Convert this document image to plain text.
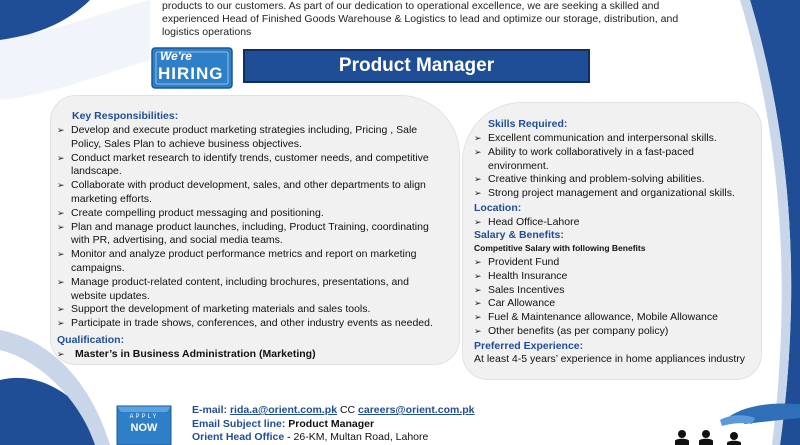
products to our customers. As part of our dedication to operational excellence, we are seeking a skilled and
experienced Head of Finished Goods Warehouse & Logistics to lead and optimize our storage, distribution, and
logistics operations
We're
HIRING	Product Manager
Key Responsibilities:
➢ Develop and execute product marketing strategies including, Pricing , Sale
Policy, Sales Plan to achieve business objectives.
➢ Conduct market research to identify trends, customer needs, and competitive
landscape.
➢ Collaborate with product development, sales, and other departments to align
marketing efforts.
➢ Create compelling product messaging and positioning.
➢ Plan and manage product launches, including, Product Training, coordinating
with PR, advertising, and social media teams.
➢ Monitor and analyze product performance metrics and report on marketing
campaigns.
➢ Manage product-related content, including brochures, presentations, and
website updates.
➢ Support the development of marketing materials and sales tools.
➢ Participate in trade shows, conferences, and other industry events as needed.
Qualification:
➢ Master’s in Business Administration (Marketing)
Skills Required:
➢ Excellent communication and interpersonal skills.
➢ Ability to work collaboratively in a fast-paced
environment.
➢ Creative thinking and problem-solving abilities.
➢ Strong project management and organizational skills.
Location:
➢ Head Office-Lahore
Salary & Benefits:
Competitive Salary with following Benefits
➢ Provident Fund
➢ Health Insurance
➢ Sales Incentives
➢ Car Allowance
➢ Fuel & Maintenance allowance, Mobile Allowance
➢ Other benefits (as per company policy)
Preferred Experience:
At least 4-5 years’ experience in home appliances industry
APPLY
NOW
E-mail: rida.a@orient.com.pk CC careers@orient.com.pk
Email Subject line: Product Manager
Orient Head Office - 26-KM, Multan Road, Lahore
